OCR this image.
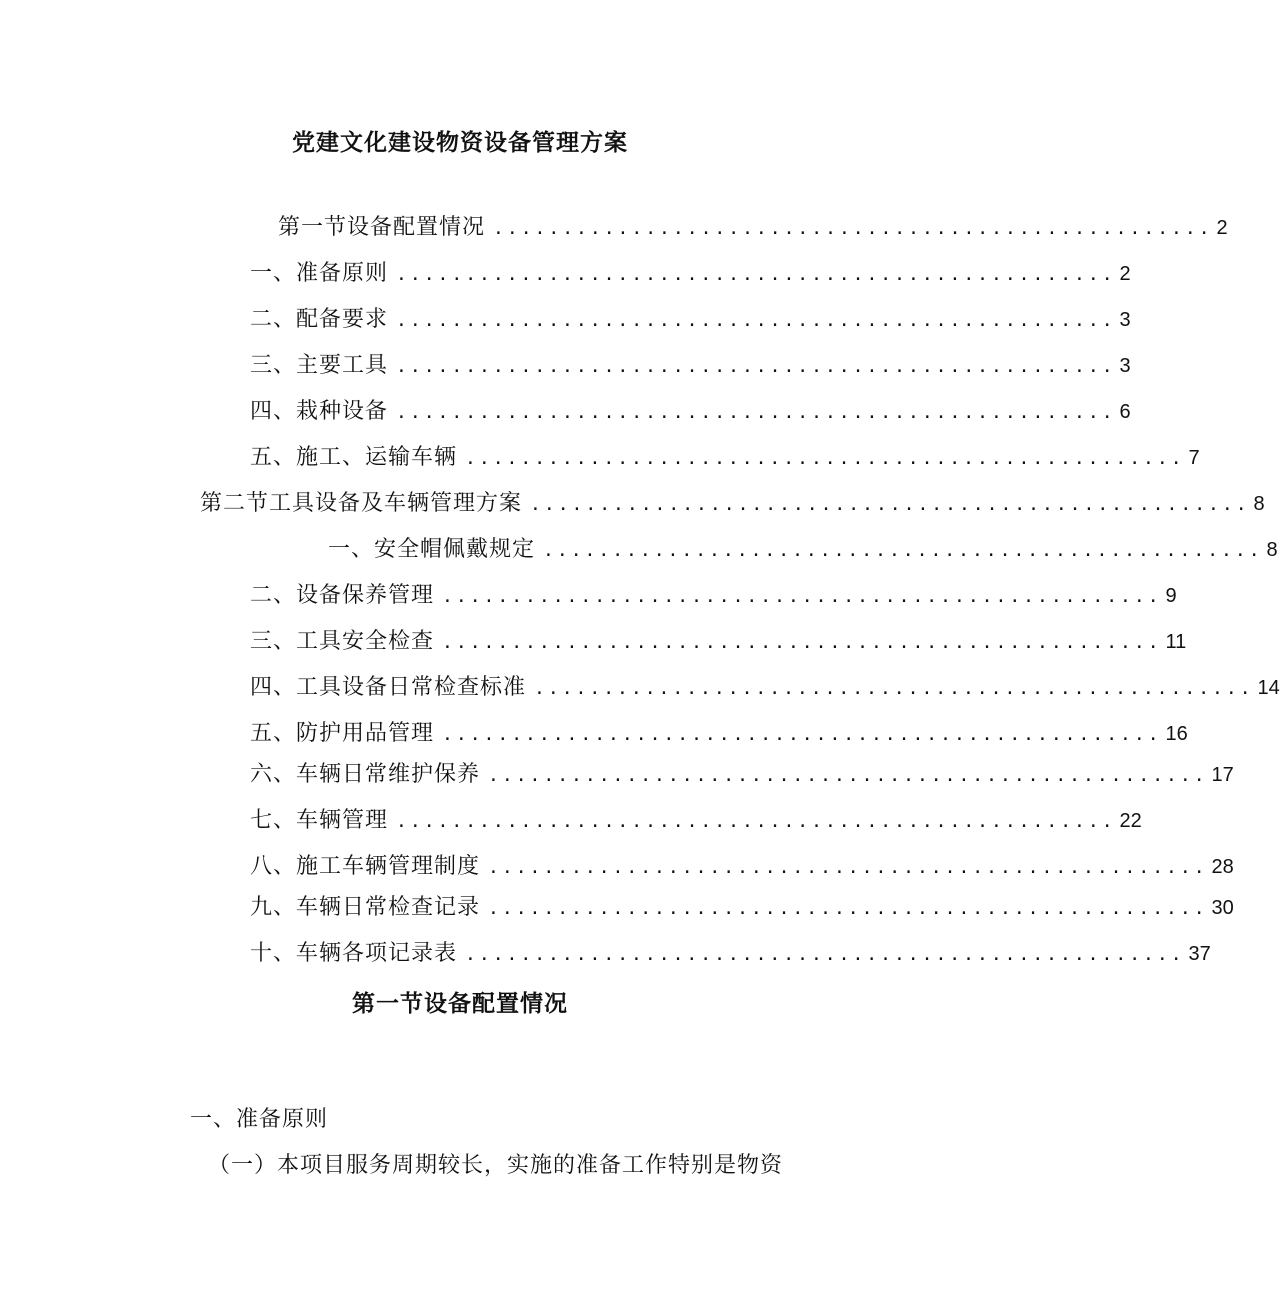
党建文化建设物资设备管理方案
第一节设备配置情况 .................................................... 2
一、准备原则 .................................................... 2
二、配备要求 .................................................... 3
三、主要工具 .................................................... 3
四、栽种设备 .................................................... 6
五、施工、运输车辆 .................................................... 7
第二节工具设备及车辆管理方案 .................................................... 8
一、安全帽佩戴规定 .................................................... 8
二、设备保养管理 .................................................... 9
三、工具安全检查 .................................................... 11
四、工具设备日常检查标准 .................................................... 14
五、防护用品管理 .................................................... 16
六、车辆日常维护保养 .................................................... 17
七、车辆管理 .................................................... 22
八、施工车辆管理制度 .................................................... 28
九、车辆日常检查记录 .................................................... 30
十、车辆各项记录表 .................................................... 37
第一节设备配置情况
一、准备原则
（一）本项目服务周期较长，实施的准备工作特别是物资
